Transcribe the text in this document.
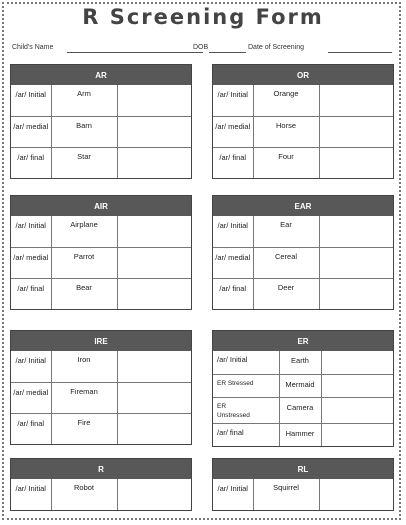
R Screening Form
Child's Name	DOB	Date of Screening
AR
/ar/ Initial	Arm	
/ar/ medial	Barn	
/ar/ final	Star	
OR
/ar/ Initial	Orange	
/ar/ medial	Horse	
/ar/ final	Four	
AIR
/ar/ Initial	Airplane	
/ar/ medial	Parrot	
/ar/ final	Bear	
EAR
/ar/ Initial	Ear	
/ar/ medial	Cereal	
/ar/ final	Deer	
IRE
/ar/ Initial	Iron	
/ar/ medial	Fireman	
/ar/ final	Fire	
ER
/ar/ Initial	Earth	
ER Stressed	Mermaid	
ER Unstressed	Camera	
/ar/ final	Hammer	
R
/ar/ Initial	Robot	
RL
/ar/ Initial	Squirrel	
